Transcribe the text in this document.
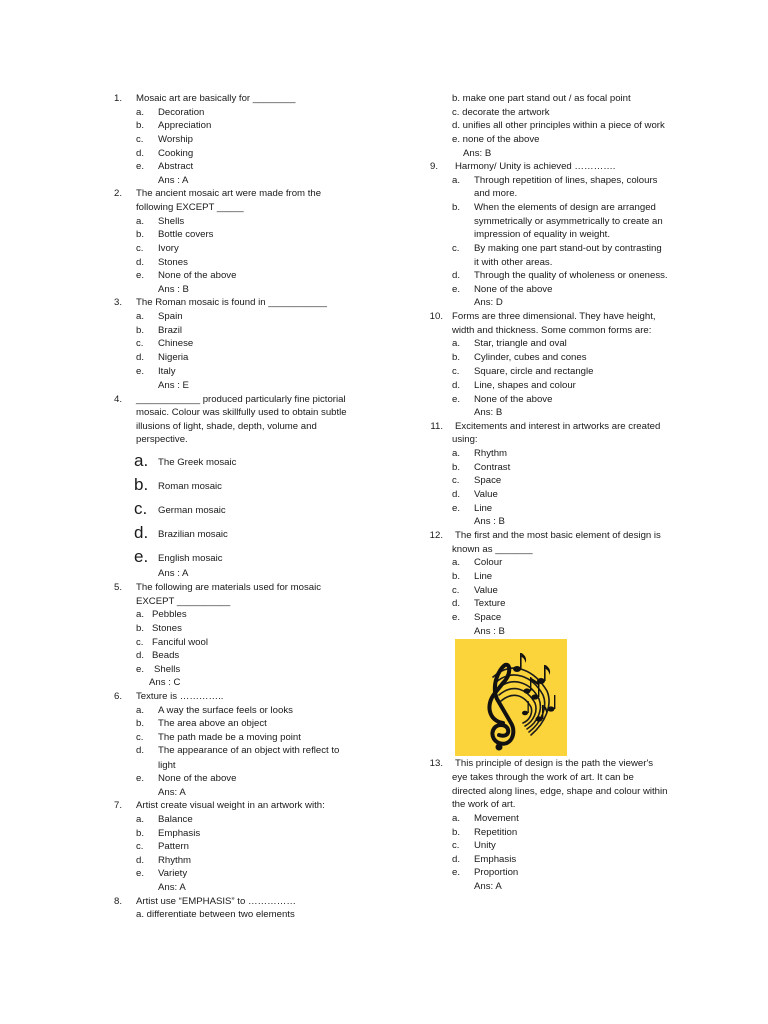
1. Mosaic art are basically for ________
a. Decoration
b. Appreciation
c. Worship
d. Cooking
e. Abstract
Ans : A
2. The ancient mosaic art were made from the
following EXCEPT _____
a. Shells
b. Bottle covers
c. Ivory
d. Stones
e. None of the above
Ans : B
3. The Roman mosaic is found in ___________
a. Spain
b. Brazil
c. Chinese
d. Nigeria
e. Italy
Ans : E
4. ____________ produced particularly fine pictorial
mosaic. Colour was skillfully used to obtain subtle
illusions of light, shade, depth, volume and
perspective.
a. The Greek mosaic
b. Roman mosaic
c. German mosaic
d. Brazilian mosaic
e. English mosaic
Ans : A
5. The following are materials used for mosaic
EXCEPT __________
a. Pebbles
b. Stones
c. Fanciful wool
d. Beads
e. Shells
Ans : C
6. Texture is …………..
a. A way the surface feels or looks
b. The area above an object
c. The path made be a moving point
d. The appearance of an object with reflect to
light
e. None of the above
Ans: A
7. Artist create visual weight in an artwork with:
a. Balance
b. Emphasis
c. Pattern
d. Rhythm
e. Variety
Ans: A
8. Artist use “EMPHASIS” to ……………
a. differentiate between two elements
b. make one part stand out / as focal point
c. decorate the artwork
d. unifies all other principles within a piece of work
e. none of the above
Ans: B
9. Harmony/ Unity is achieved ………….
a. Through repetition of lines, shapes, colours
and more.
b. When the elements of design are arranged
symmetrically or asymmetrically to create an
impression of equality in weight.
c. By making one part stand-out by contrasting
it with other areas.
d. Through the quality of wholeness or oneness.
e. None of the above
Ans: D
10. Forms are three dimensional. They have height,
width and thickness. Some common forms are:
a. Star, triangle and oval
b. Cylinder, cubes and cones
c. Square, circle and rectangle
d. Line, shapes and colour
e. None of the above
Ans: B
11. Excitements and interest in artworks are created
using:
a. Rhythm
b. Contrast
c. Space
d. Value
e. Line
Ans : B
12. The first and the most basic element of design is
known as _______
a. Colour
b. Line
c. Value
d. Texture
e. Space
Ans : B
13. This principle of design is the path the viewer's
eye takes through the work of art. It can be
directed along lines, edge, shape and colour within
the work of art.
a. Movement
b. Repetition
c. Unity
d. Emphasis
e. Proportion
Ans: A
